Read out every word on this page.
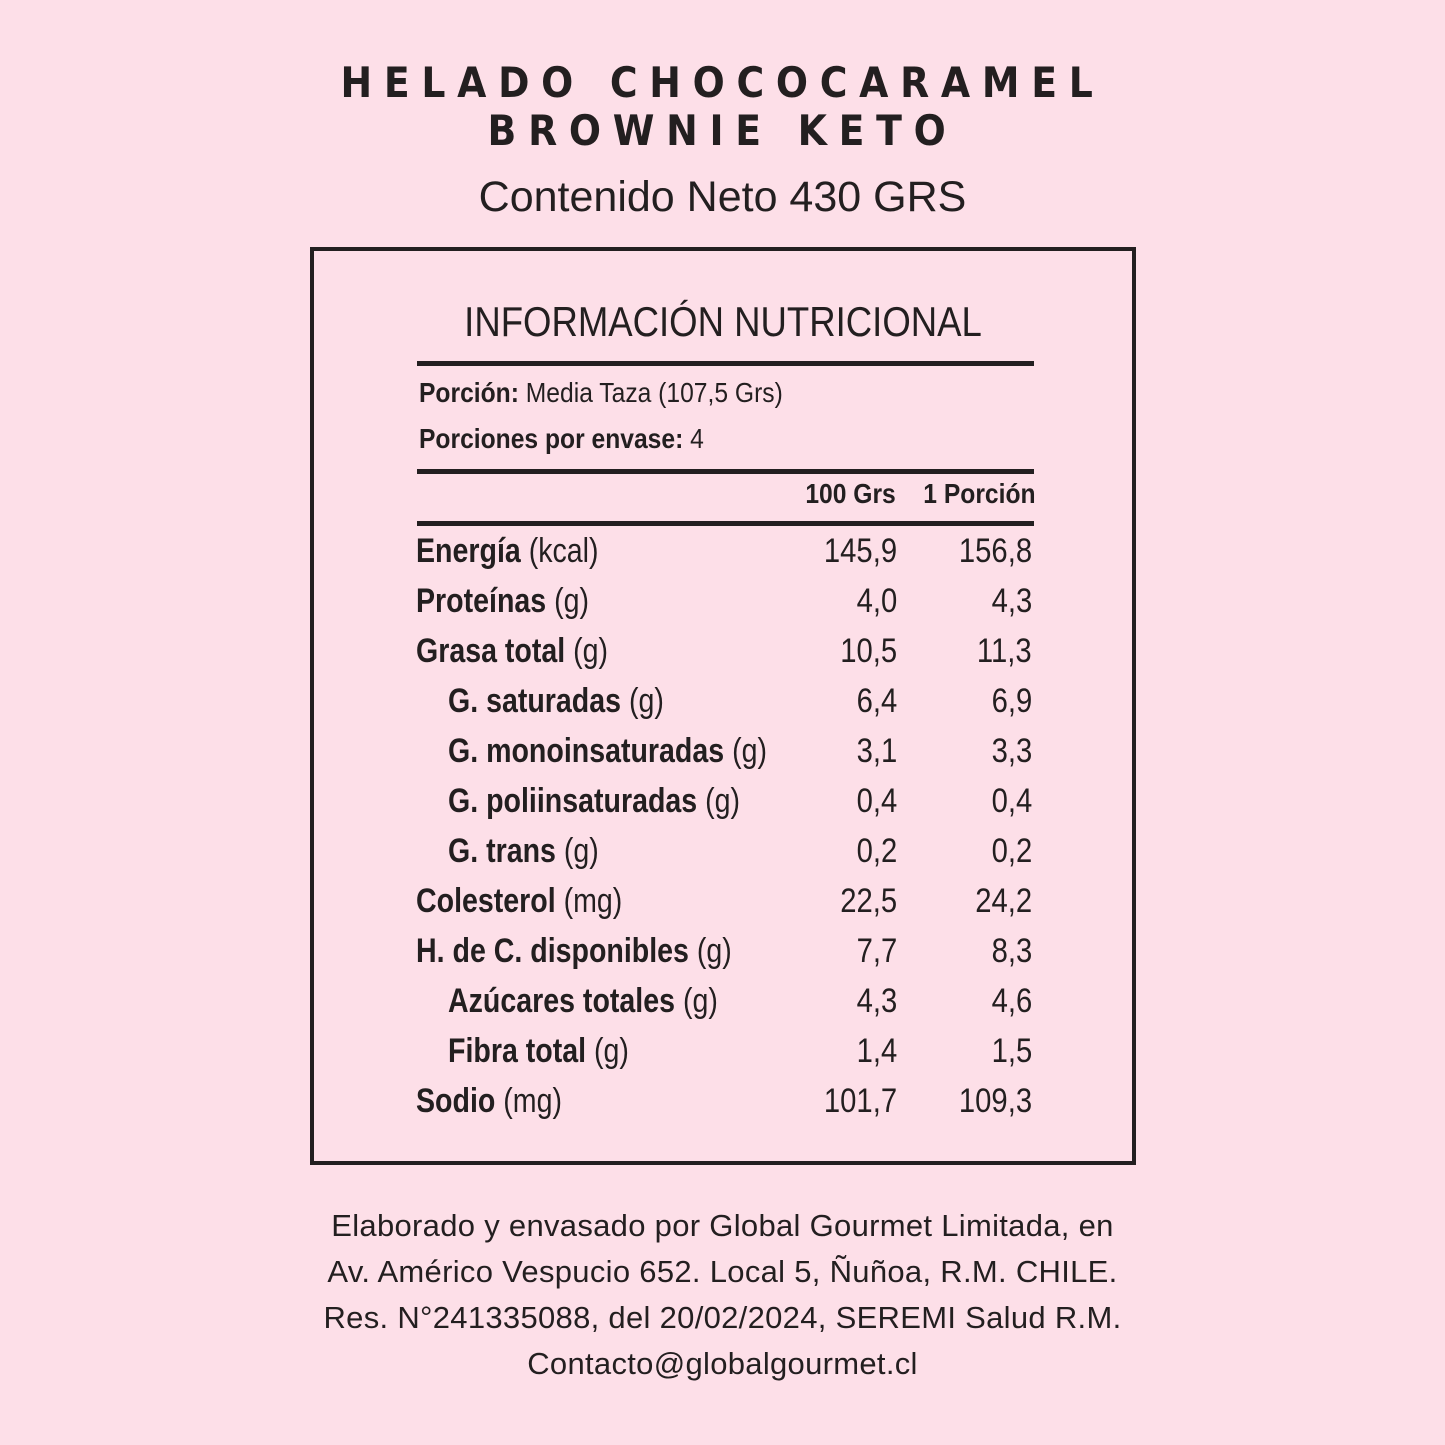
HELADO CHOCOCARAMEL
BROWNIE KETO
Contenido Neto 430 GRS
INFORMACIÓN NUTRICIONAL
Porción: Media Taza (107,5 Grs)
Porciones por envase: 4
100 Grs 1 Porción
Energía (kcal)	145,9 156,8
Proteínas (g)	4,0	4,3
Grasa total (g)	10,5 11,3
G. saturadas (g)	6,4	6,9
G. monoinsaturadas (g)	3,1	3,3
G. poliinsaturadas (g)	0,4	0,4
G. trans (g)	0,2	0,2
Colesterol (mg)	22,5 24,2
H. de C. disponibles (g)	7,7	8,3
Azúcares totales (g)	4,3	4,6
Fibra total (g)	1,4	1,5
Sodio (mg)	101,7 109,3
Elaborado y envasado por Global Gourmet Limitada, en
Av. Américo Vespucio 652. Local 5, Ñuñoa, R.M. CHILE.
Res. N°241335088, del 20/02/2024, SEREMI Salud R.M.
Contacto@globalgourmet.cl
